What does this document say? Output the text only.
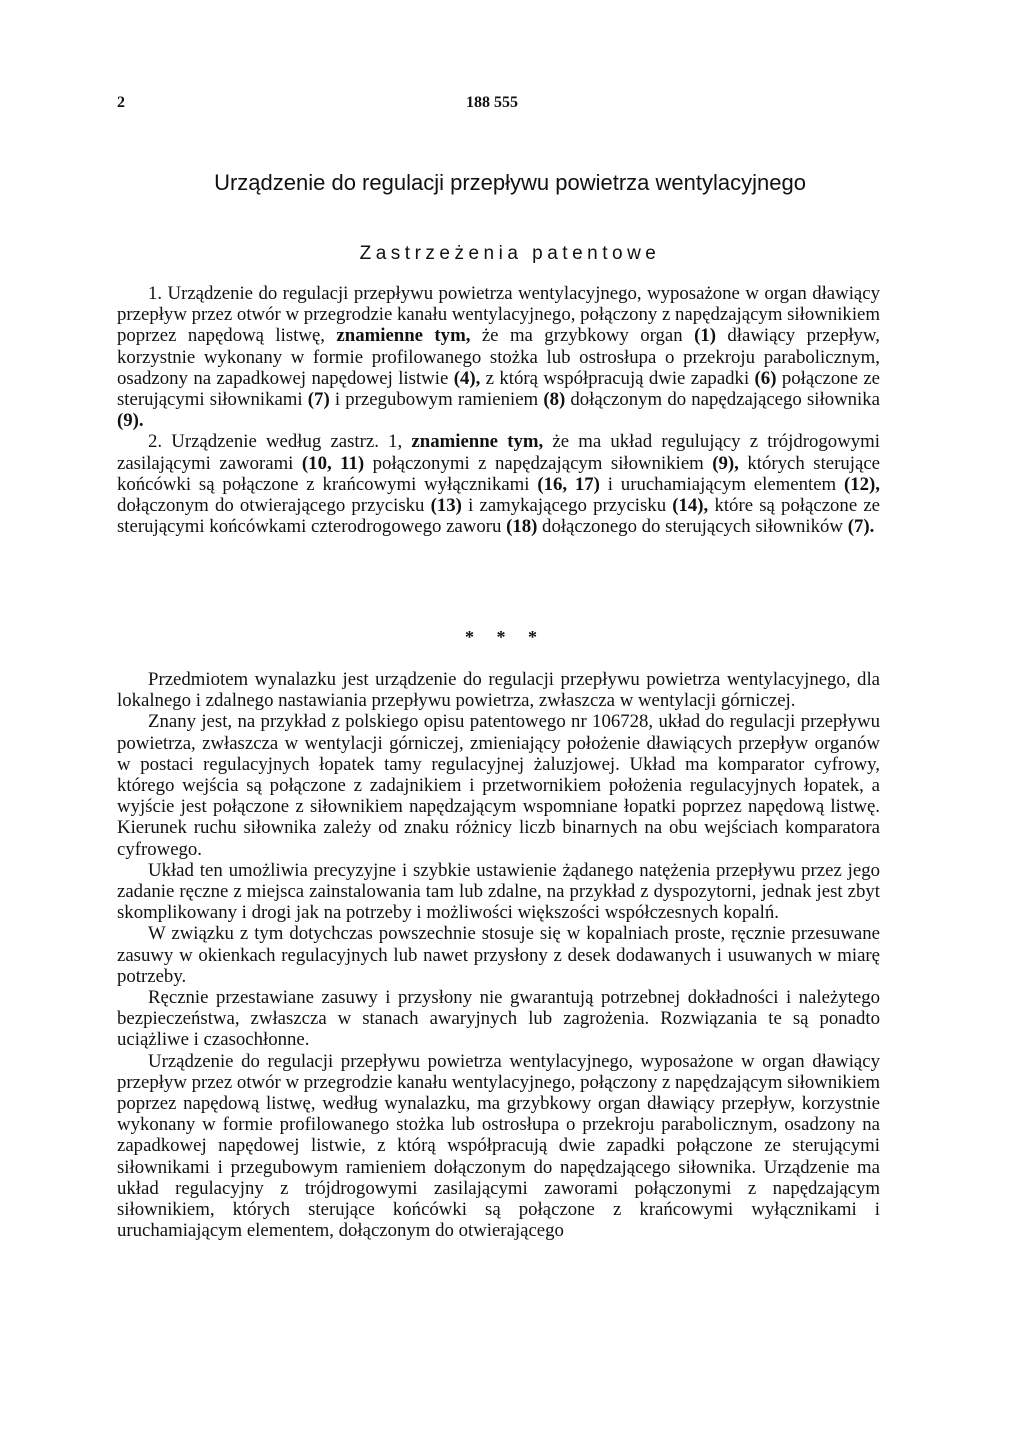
2	188 555
Urządzenie do regulacji przepływu powietrza wentylacyjnego
Zastrzeżenia patentowe

1. Urządzenie do regulacji przepływu powietrza wentylacyjnego, wyposażone w organ dławiący przepływ przez otwór w przegrodzie kanału wentylacyjnego, połączony z napędzającym siłownikiem poprzez napędową listwę, znamienne tym, że ma grzybkowy organ (1) dławiący przepływ, korzystnie wykonany w formie profilowanego stożka lub ostrosłupa o przekroju parabolicznym, osadzony na zapadkowej napędowej listwie (4), z którą współpracują dwie zapadki (6) połączone ze sterującymi siłownikami (7) i przegubowym ramieniem (8) dołączonym do napędzającego siłownika (9).

2. Urządzenie według zastrz. 1, znamienne tym, że ma układ regulujący z trójdrogowymi zasilającymi zaworami (10, 11) połączonymi z napędzającym siłownikiem (9), których sterujące końcówki są połączone z krańcowymi wyłącznikami (16, 17) i uruchamiającym elementem (12), dołączonym do otwierającego przycisku (13) i zamykającego przycisku (14), które są połączone ze sterującymi końcówkami czterodrogowego zaworu (18) dołączonego do sterujących siłowników (7).

* * *

Przedmiotem wynalazku jest urządzenie do regulacji przepływu powietrza wentylacyjnego, dla lokalnego i zdalnego nastawiania przepływu powietrza, zwłaszcza w wentylacji górniczej.

Znany jest, na przykład z polskiego opisu patentowego nr 106728, układ do regulacji przepływu powietrza, zwłaszcza w wentylacji górniczej, zmieniający położenie dławiących przepływ organów w postaci regulacyjnych łopatek tamy regulacyjnej żaluzjowej. Układ ma komparator cyfrowy, którego wejścia są połączone z zadajnikiem i przetwornikiem położenia regulacyjnych łopatek, a wyjście jest połączone z siłownikiem napędzającym wspomniane łopatki poprzez napędową listwę. Kierunek ruchu siłownika zależy od znaku różnicy liczb binarnych na obu wejściach komparatora cyfrowego.

Układ ten umożliwia precyzyjne i szybkie ustawienie żądanego natężenia przepływu przez jego zadanie ręczne z miejsca zainstalowania tam lub zdalne, na przykład z dyspozytorni, jednak jest zbyt skomplikowany i drogi jak na potrzeby i możliwości większości współczesnych kopalń.

W związku z tym dotychczas powszechnie stosuje się w kopalniach proste, ręcznie przesuwane zasuwy w okienkach regulacyjnych lub nawet przysłony z desek dodawanych i usuwanych w miarę potrzeby.

Ręcznie przestawiane zasuwy i przysłony nie gwarantują potrzebnej dokładności i należytego bezpieczeństwa, zwłaszcza w stanach awaryjnych lub zagrożenia. Rozwiązania te są ponadto uciążliwe i czasochłonne.

Urządzenie do regulacji przepływu powietrza wentylacyjnego, wyposażone w organ dławiący przepływ przez otwór w przegrodzie kanału wentylacyjnego, połączony z napędzającym siłownikiem poprzez napędową listwę, według wynalazku, ma grzybkowy organ dławiący przepływ, korzystnie wykonany w formie profilowanego stożka lub ostrosłupa o przekroju parabolicznym, osadzony na zapadkowej napędowej listwie, z którą współpracują dwie zapadki połączone ze sterującymi siłownikami i przegubowym ramieniem dołączonym do napędzającego siłownika. Urządzenie ma układ regulacyjny z trójdrogowymi zasilającymi zaworami połączonymi z napędzającym siłownikiem, których sterujące końcówki są połączone z krańcowymi wyłącznikami i uruchamiającym elementem, dołączonym do otwierającego
